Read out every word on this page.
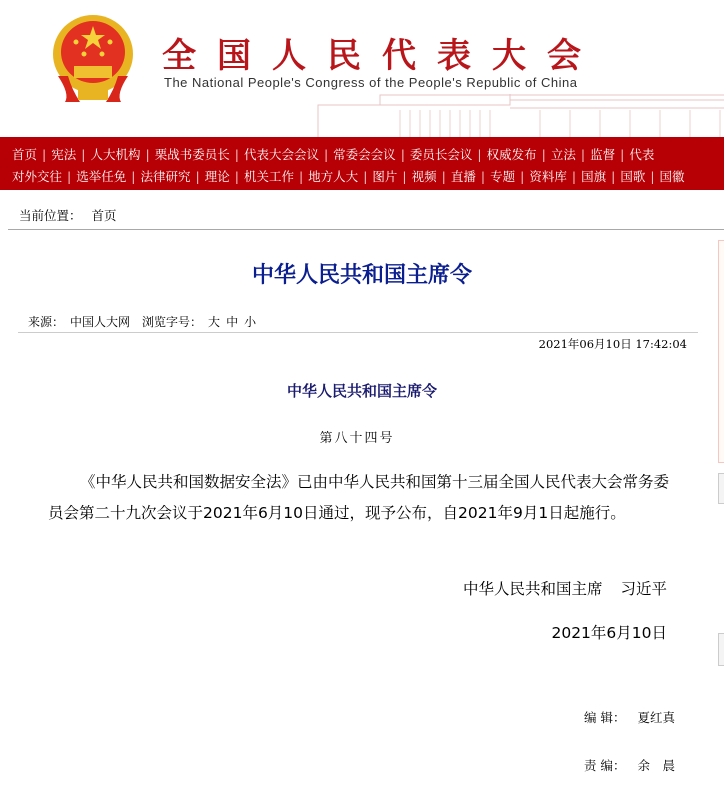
全国人民代表大会
The National People's Congress of the People's Republic of China
首页 | 宪法 | 人大机构 | 栗战书委员长 | 代表大会会议 | 常委会会议 | 委员长会议 | 权威发布 | 立法 | 监督 | 代表
对外交往 | 选举任免 | 法律研究 | 理论 | 机关工作 | 地方人大 | 图片 | 视频 | 直播 | 专题 | 资料库 | 国旗 | 国歌 | 国徽
当前位置： 首页
中华人民共和国主席令
来源： 中国人大网 浏览字号： 大 中 小
2021年06月10日 17:42:04
中华人民共和国主席令
第八十四号

《中华人民共和国数据安全法》已由中华人民共和国第十三届全国人民代表大会常务委员会第二十九次会议于2021年6月10日通过，现予公布，自2021年9月1日起施行。

中华人民共和国主席 习近平
2021年6月10日
编 辑： 夏红真
责 编： 余　晨
